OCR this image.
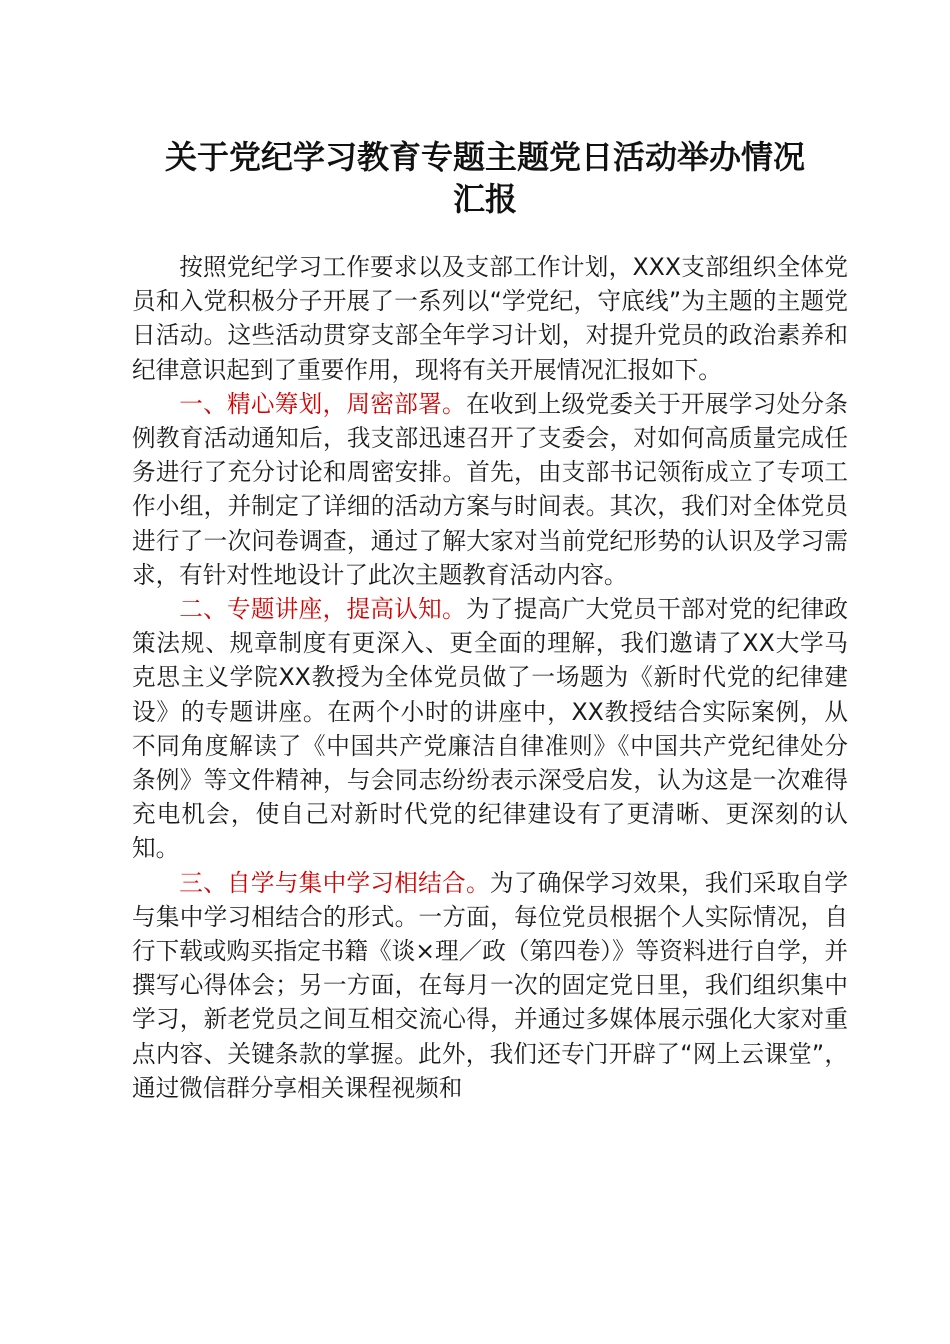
关于党纪学习教育专题主题党日活动举办情况
汇报

按照党纪学习工作要求以及支部工作计划，XXX支部组织全体党员和入党积极分子开展了一系列以“学党纪，守底线”为主题的主题党日活动。这些活动贯穿支部全年学习计划，对提升党员的政治素养和纪律意识起到了重要作用，现将有关开展情况汇报如下。

一、精心筹划，周密部署。在收到上级党委关于开展学习处分条例教育活动通知后，我支部迅速召开了支委会，对如何高质量完成任务进行了充分讨论和周密安排。首先，由支部书记领衔成立了专项工作小组，并制定了详细的活动方案与时间表。其次，我们对全体党员进行了一次问卷调查，通过了解大家对当前党纪形势的认识及学习需求，有针对性地设计了此次主题教育活动内容。

二、专题讲座，提高认知。为了提高广大党员干部对党的纪律政策法规、规章制度有更深入、更全面的理解，我们邀请了XX大学马克思主义学院XX教授为全体党员做了一场题为《新时代党的纪律建设》的专题讲座。在两个小时的讲座中，XX教授结合实际案例，从不同角度解读了《中国共产党廉洁自律准则》《中国共产党纪律处分条例》等文件精神，与会同志纷纷表示深受启发，认为这是一次难得充电机会，使自己对新时代党的纪律建设有了更清晰、更深刻的认知。

三、自学与集中学习相结合。为了确保学习效果，我们采取自学与集中学习相结合的形式。一方面，每位党员根据个人实际情况，自行下载或购买指定书籍《谈×理／政（第四卷）》等资料进行自学，并撰写心得体会；另一方面，在每月一次的固定党日里，我们组织集中学习，新老党员之间互相交流心得，并通过多媒体展示强化大家对重点内容、关键条款的掌握。此外，我们还专门开辟了“网上云课堂”，通过微信群分享相关课程视频和
